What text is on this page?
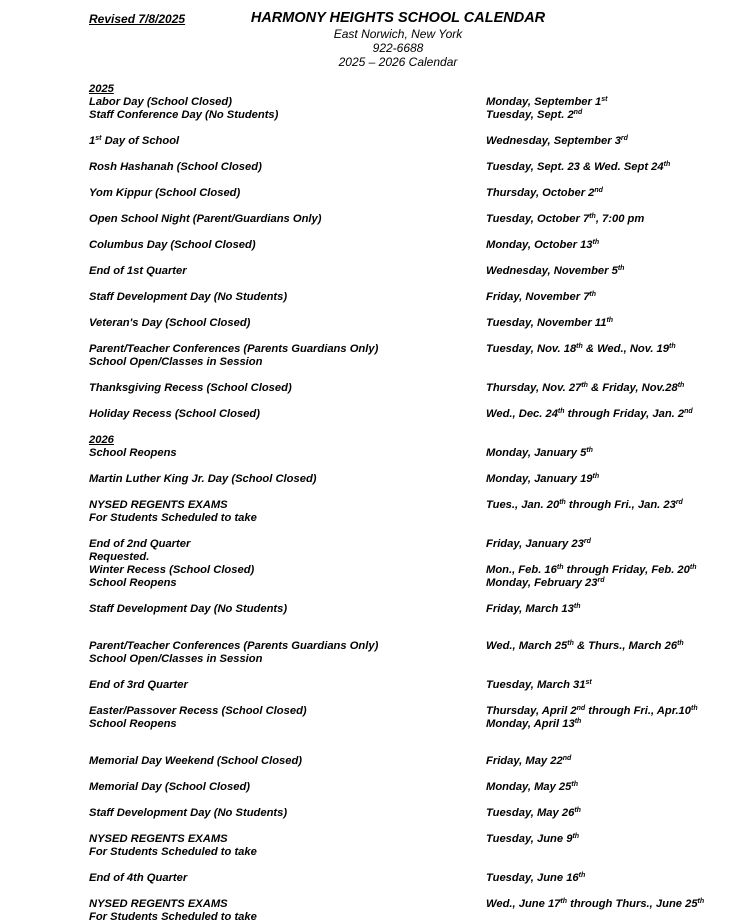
Revised 7/8/2025	HARMONY HEIGHTS SCHOOL CALENDAR
East Norwich, New York
922-6688
2025 – 2026 Calendar
2025
Labor Day (School Closed)	Monday, September 1st
Staff Conference Day (No Students)	Tuesday, Sept. 2nd
1st Day of School	Wednesday, September 3rd
Rosh Hashanah (School Closed)	Tuesday, Sept. 23 & Wed. Sept 24th
Yom Kippur (School Closed)	Thursday, October 2nd
Open School Night (Parent/Guardians Only)	Tuesday, October 7th, 7:00 pm
Columbus Day (School Closed)	Monday, October 13th
End of 1st Quarter	Wednesday, November 5th
Staff Development Day (No Students)	Friday, November 7th
Veteran's Day (School Closed)	Tuesday, November 11th
Parent/Teacher Conferences (Parents Guardians Only)	Tuesday, Nov. 18th & Wed., Nov. 19th
School Open/Classes in Session
Thanksgiving Recess (School Closed)	Thursday, Nov. 27th & Friday, Nov.28th
Holiday Recess (School Closed)	Wed., Dec. 24th through Friday, Jan. 2nd
2026
School Reopens	Monday, January 5th
Martin Luther King Jr. Day (School Closed)	Monday, January 19th
NYSED REGENTS EXAMS	Tues., Jan. 20th through Fri., Jan. 23rd
For Students Scheduled to take
End of 2nd Quarter	Friday, January 23rd
Requested.
Winter Recess (School Closed)	Mon., Feb. 16th through Friday, Feb. 20th
School Reopens	Monday, February 23rd
Staff Development Day (No Students)	Friday, March 13th
Parent/Teacher Conferences (Parents Guardians Only)	Wed., March 25th & Thurs., March 26th
School Open/Classes in Session
End of 3rd Quarter	Tuesday, March 31st
Easter/Passover Recess (School Closed)	Thursday, April 2nd through Fri., Apr.10th
School Reopens	Monday, April 13th
Memorial Day Weekend (School Closed)	Friday, May 22nd
Memorial Day (School Closed)	Monday, May 25th
Staff Development Day (No Students)	Tuesday, May 26th
NYSED REGENTS EXAMS	Tuesday, June 9th
For Students Scheduled to take
End of 4th Quarter	Tuesday, June 16th
NYSED REGENTS EXAMS	Wed., June 17th through Thurs., June 25th
For Students Scheduled to take
